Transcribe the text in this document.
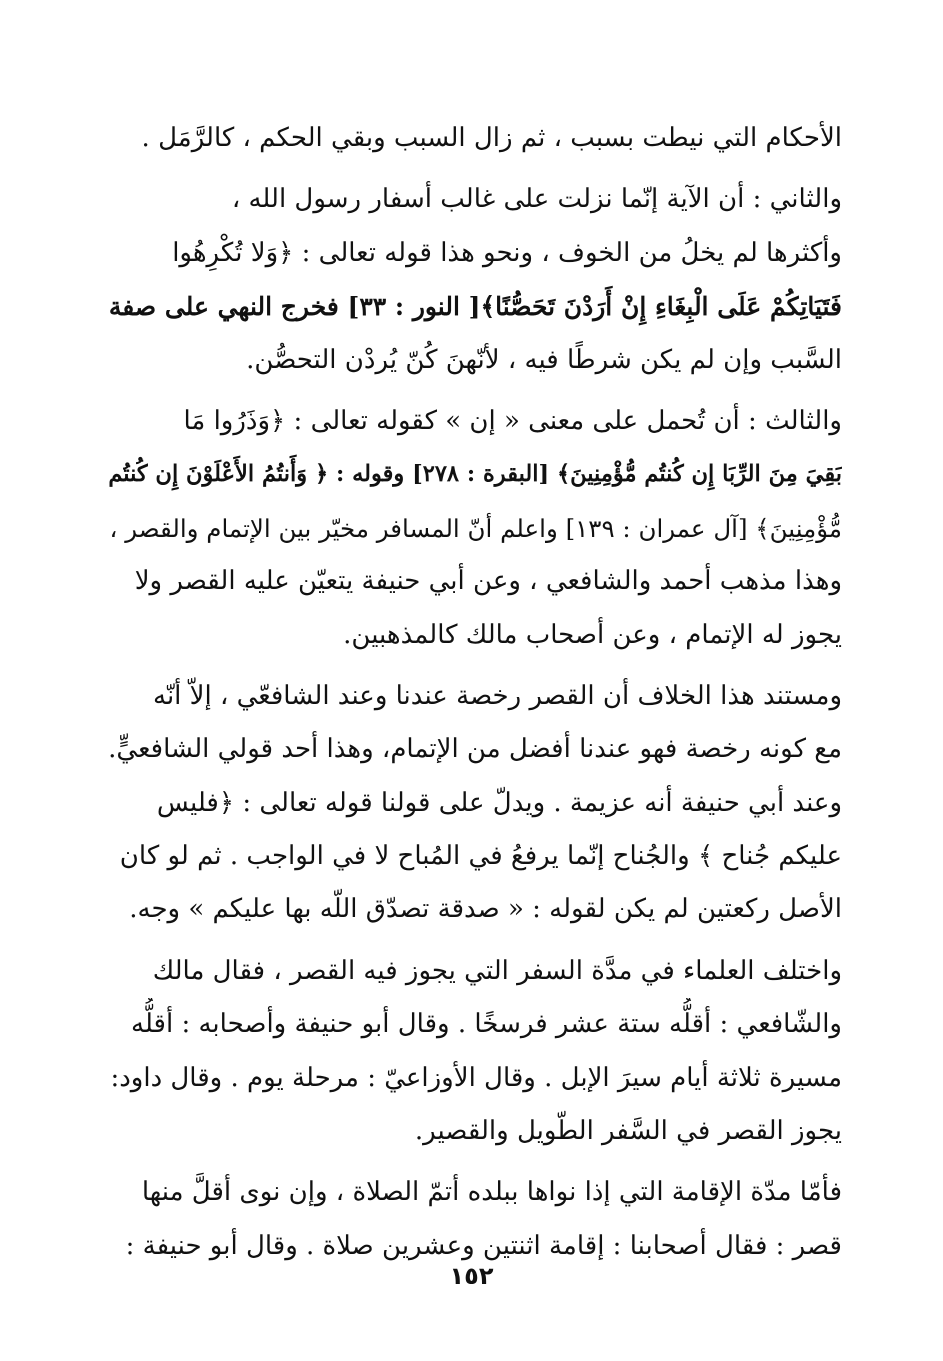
الأحكام التي نيطت بسبب ، ثم زال السبب وبقي الحكم ، كالرَّمَل .
والثاني : أن الآية إنّما نزلت على غالب أسفار رسول الله ،
وأكثرها لم يخلُ من الخوف ، ونحو هذا قوله تعالى : ﴿وَلا تُكْرِهُوا
فَتَيَاتِكُمْ عَلَى الْبِغَاءِ إِنْ أَرَدْنَ تَحَصُّنًا﴾[ النور : ٣٣] فخرج النهي على صفة
السَّبب وإن لم يكن شرطًا فيه ، لأنّهنَ كُنّ يُردْن التحصُّن.
والثالث : أن تُحمل على معنى « إن » كقوله تعالى : ﴿وَذَرُوا مَا
بَقِيَ مِنَ الرِّبَا إِن كُنتُم مُّؤْمِنِينَ﴾ [البقرة : ٢٧٨] وقوله : ﴿ وَأَنتُمُ الأَعْلَوْنَ إِن كُنتُم
مُّؤْمِنِينَ﴾ [آل عمران : ١٣٩] واعلم أنّ المسافر مخيّر بين الإتمام والقصر ،
وهذا مذهب أحمد والشافعي ، وعن أبي حنيفة يتعيّن عليه القصر ولا
يجوز له الإتمام ، وعن أصحاب مالك كالمذهبين.
ومستند هذا الخلاف أن القصر رخصة عندنا وعند الشافعّي ، إلاّ أنّه
مع كونه رخصة فهو عندنا أفضل من الإتمام، وهذا أحد قولي الشافعيٍّ.
وعند أبي حنيفة أنه عزيمة . ويدلّ على قولنا قوله تعالى : ﴿فليس
عليكم جُناح ﴾ والجُناح إنّما يرفعُ في المُباح لا في الواجب . ثم لو كان
الأصل ركعتين لم يكن لقوله : « صدقة تصدّق اللّه بها عليكم » وجه.
واختلف العلماء في مدَّة السفر التي يجوز فيه القصر ، فقال مالك
والشّافعي : أقلُّه ستة عشر فرسخًا . وقال أبو حنيفة وأصحابه : أقلُّه
مسيرة ثلاثة أيام سيرَ الإبل . وقال الأوزاعيّ : مرحلة يوم . وقال داود:
يجوز القصر في السَّفر الطّويل والقصير.
فأمّا مدّة الإقامة التي إذا نواها ببلده أتمّ الصلاة ، وإن نوى أقلَّ منها
قصر : فقال أصحابنا : إقامة اثنتين وعشرين صلاة . وقال أبو حنيفة :
١٥٢
